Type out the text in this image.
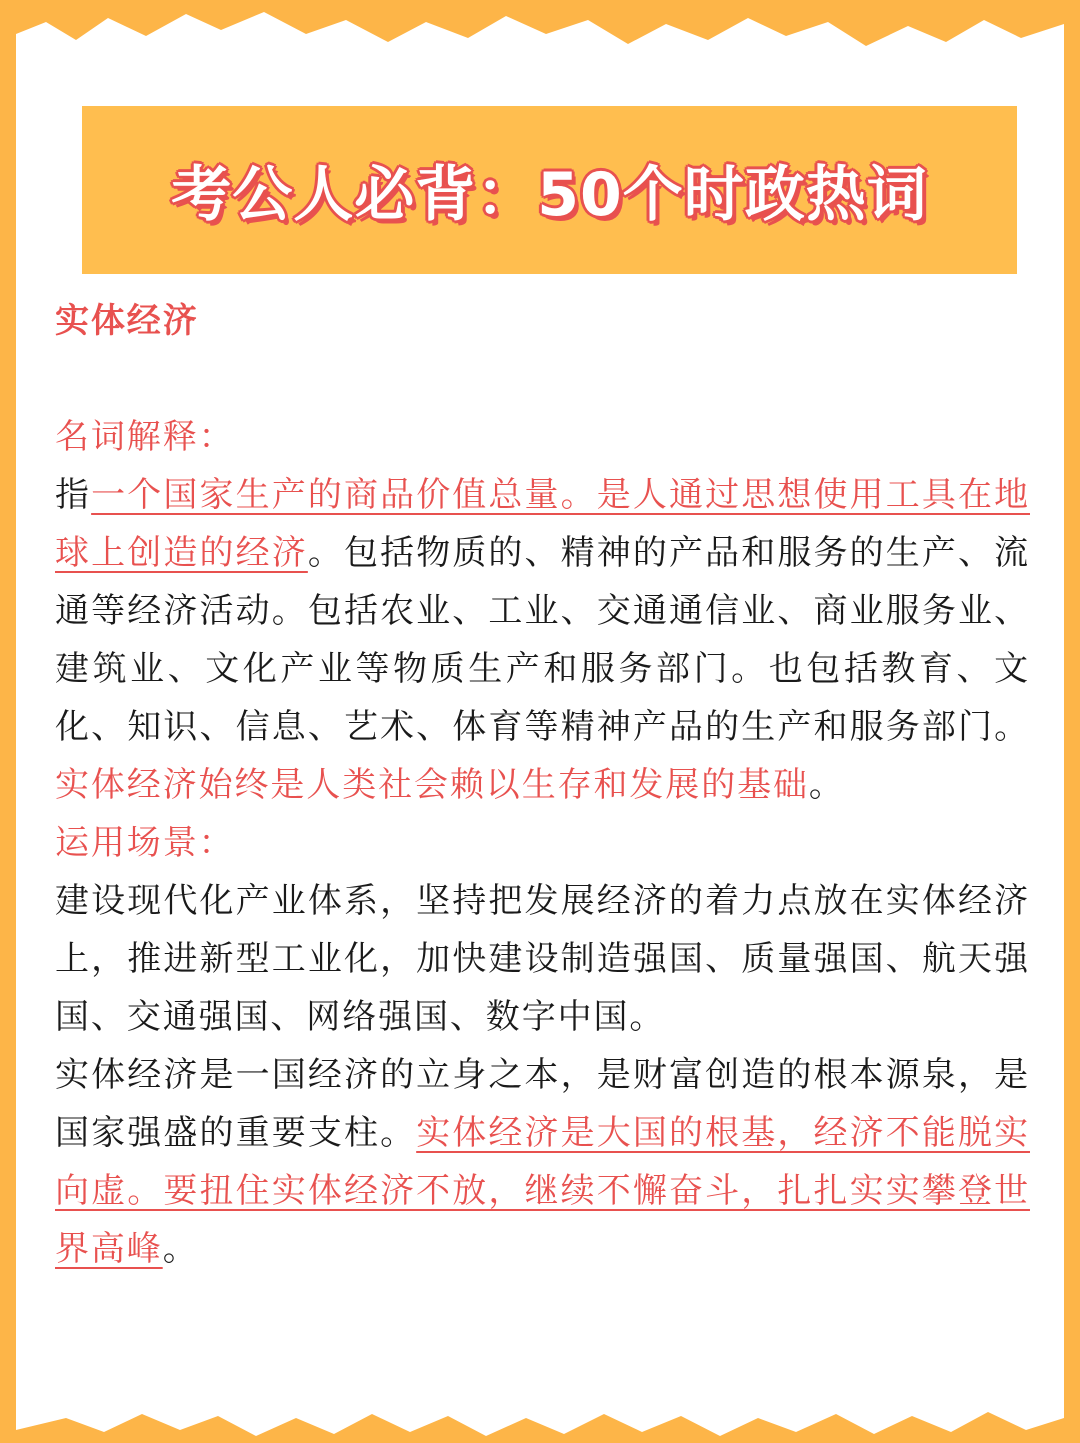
考公人必背：50个时政热词
实体经济
名词解释：

指一个国家生产的商品价值总量。是人通过思想使用工具在地球上创造的经济。包括物质的、精神的产品和服务的生产、流通等经济活动。包括农业、工业、交通通信业、商业服务业、建筑业、文化产业等物质生产和服务部门。也包括教育、文化、知识、信息、艺术、体育等精神产品的生产和服务部门。实体经济始终是人类社会赖以生存和发展的基础。

运用场景：

建设现代化产业体系，坚持把发展经济的着力点放在实体经济上，推进新型工业化，加快建设制造强国、质量强国、航天强国、交通强国、网络强国、数字中国。

实体经济是一国经济的立身之本，是财富创造的根本源泉，是国家强盛的重要支柱。实体经济是大国的根基，经济不能脱实向虚。要扭住实体经济不放，继续不懈奋斗，扎扎实实攀登世界高峰。
